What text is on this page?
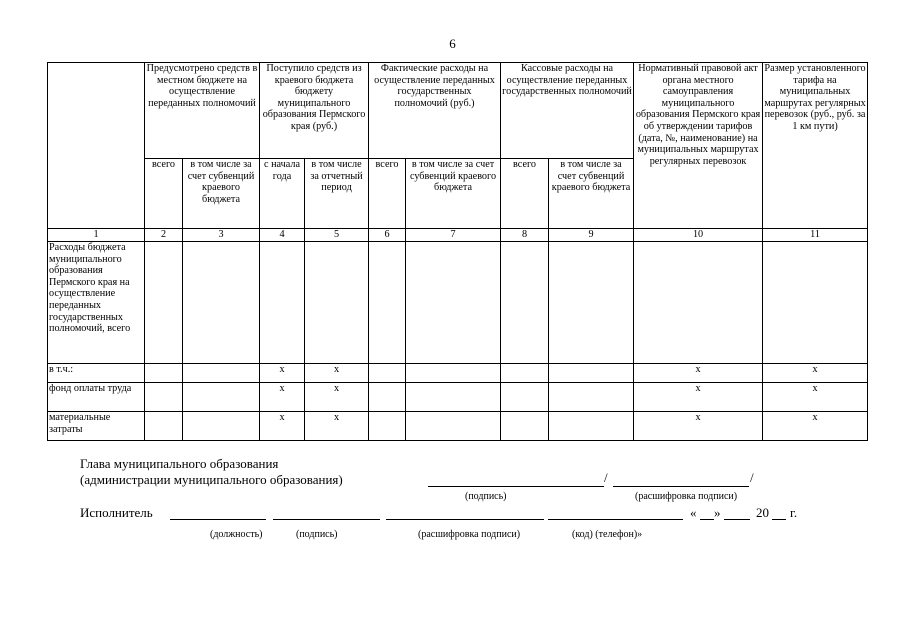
6
	Предусмотрено средств в местном бюджете на осуществление переданных полномочий		Поступило средств из краевого бюджета бюджету муниципального образования Пермского края (руб.)		Фактические расходы на осуществление переданных государственных полномочий (руб.)		Кассовые расходы на осуществление переданных государственных полномочий		Нормативный правовой акт органа местного самоуправления муниципального образования Пермского края об утверждении тарифов (дата, №, наименование) на муниципальных маршрутах регулярных перевозок	Размер установленного тарифа на муниципальных маршрутах регулярных перевозок (руб., руб. за 1 км пути)
	всего	в том числе за счет субвенций краевого бюджета	с начала года	в том числе за отчетный период	всего	в том числе за счет субвенций краевого бюджета	всего	в том числе за счет субвенций краевого бюджета		
1	2	3	4	5	6	7	8	9	10	11
Расходы бюджета муниципального образования Пермского края на осуществление переданных государственных полномочий, всего										
в т.ч.:			х	х					х	х
фонд оплаты труда			х	х					х	х
материальные затраты			х	х					х	х
Глава муниципального образования
(администрации муниципального образования)	/	/
(подпись)	(расшифровка подписи)
Исполнитель	« »	20 г.
(должность)	(подпись)	(расшифровка подписи)	(код) (телефон)»
